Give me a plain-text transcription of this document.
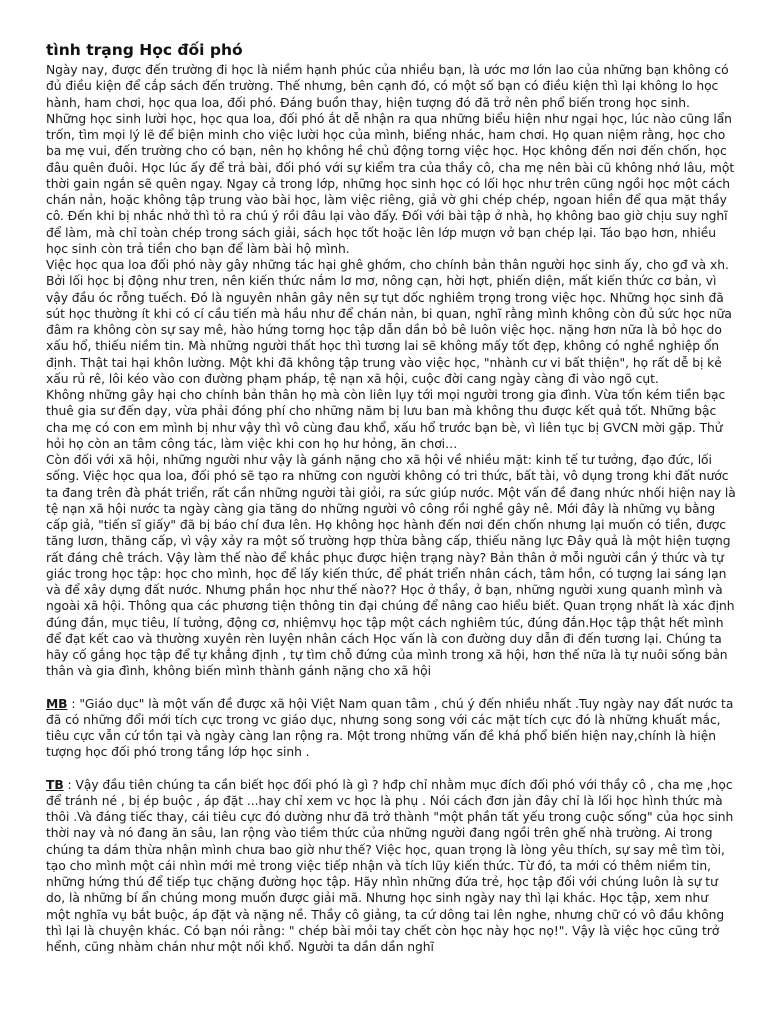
tình trạng Học đối phó

Ngày nay, được đến trường đi học là niềm hạnh phúc của nhiều bạn, là ước mơ lớn lao của những bạn không có đủ điều kiện để cắp sách đến trường. Thế nhưng, bên cạnh đó, có một số bạn có điều kiện thì lại không lo học hành, ham chơi, học qua loa, đối phó. Đáng buồn thay, hiện tượng đó đã trở nên phổ biến trong học sinh.

Những học sinh lười học, học qua loa, đối phó ắt dễ nhận ra qua những biểu hiện như ngại học, lúc nào cũng lẩn trốn, tìm mọi lý lẽ để biện minh cho việc lười học của mình, biếng nhác, ham chơi. Họ quan niệm rằng, học cho ba mẹ vui, đến trường cho có bạn, nên họ không hề chủ động torng việc học. Học không đến nơi đến chốn, học đâu quên đuôi. Học lúc ấy để trả bài, đối phó với sự kiểm tra của thầy cô, cha mẹ nên bài cũ không nhớ lâu, một thời gain ngắn sẽ quên ngay. Ngay cả trong lớp, những học sinh học có lối học như trên cũng ngồi học một cách chán nản, hoặc không tập trung vào bài học, làm việc riêng, giả vờ ghi chép chép, ngoan hiền để qua mặt thầy cô. Đến khi bị nhắc nhở thì tỏ ra chú ý rồi đâu lại vào đấy. Đối với bài tập ở nhà, họ không bao giờ chịu suy nghĩ để làm, mà chỉ toàn chép trong sách giải, sách học tốt hoặc lên lớp mượn vở bạn chép lại. Táo bạo hơn, nhiều học sinh còn trả tiền cho bạn để làm bài hộ mình.

Việc học qua loa đối phó này gây những tác hại ghê ghớm, cho chính bản thân người học sinh ấy, cho gđ và xh. Bởi lối học bị động như tren, nên kiến thức nắm lơ mơ, nông cạn, hời hợt, phiến diện, mất kiến thức cơ bản, vì vậy đầu óc rỗng tuếch. Đó là nguyên nhân gây nên sự tụt dốc nghiêm trọng trong việc học. Những học sinh đã sút học thường ít khi có cí cầu tiến mà hầu như để chán nản, bi quan, nghĩ rằng mình không còn đủ sức học nữa đâm ra không còn sự say mê, hào hứng torng học tập dẫn dần bỏ bê luôn việc học. nặng hơn nữa là bỏ học do xấu hổ, thiếu niềm tin. Mà những người thất học thì tương lai sẽ không mấy tốt đẹp, không có nghề nghiệp ổn định. Thật tai hại khôn lường. Một khi đã không tập trung vào việc học, "nhành cư vi bất thiện", họ rất dễ bị kẻ xấu rủ rê, lôi kéo vào con đường phạm pháp, tệ nạn xã hội, cuộc đời cang ngày càng đi vào ngõ cụt.

Không những gây hại cho chính bản thân họ mà còn liên lụy tới mọi người trong gia đình. Vừa tốn kém tiền bạc thuê gia sư đến dạy, vừa phải đóng phí cho những năm bị lưu ban mà không thu được kết quả tốt. Những bậc cha mẹ có con em mình bị như vậy thì vô cùng đau khổ, xấu hổ trước bạn bè, vì liên tục bị GVCN mời gặp. Thử hỏi họ còn an tâm công tác, làm việc khi con họ hư hỏng, ăn chơi…

Còn đối với xã hội, những người như vậy là gánh nặng cho xã hội về nhiều mặt: kinh tế tư tưởng, đạo đức, lối sống. Việc học qua loa, đối phó sẽ tạo ra những con người không có tri thức, bất tài, vô dụng trong khi đất nước ta đang trên đà phát triển, rất cần những người tài giỏi, ra sức giúp nước. Một vấn đề đang nhức nhối hiện nay là tệ nạn xã hội nước ta ngày càng gia tăng do những người vô công rồi nghề gây nê. Mới đây là những vụ bằng cấp giả, "tiến sĩ giấy" đã bị báo chí đưa lên. Họ không học hành đến nơi đến chốn nhưng lại muốn có tiền, được tăng lươn, thăng cấp, vì vậy xảy ra một số trường hợp thừa bằng cấp, thiếu năng lực Đây quả là một hiện tượng rất đáng chê trách. Vậy làm thế nào để khắc phục được hiện trạng này? Bản thân ở mỗi người cần ý thức và tự giác trong học tập: học cho mình, học để lấy kiến thức, để phát triển nhân cách, tâm hồn, có tượng lai sáng lạn và để xây dựng đất nước. Nhưng phần học như thế nào?? Học ở thầy, ở bạn, những người xung quanh mình và ngoài xã hội. Thông qua các phương tiện thông tin đại chúng để nâng cao hiểu biết. Quan trọng nhất là xác định đúng đắn, mục tiêu, lí tưởng, động cơ, nhiệmvụ học tập một cách nghiêm túc, đúng đắn.Học tập thật hết mình để đạt kết cao và thường xuyên rèn luyện nhân cách Học vấn là con đường duy dẫn đi đến tương lại. Chúng ta hãy cố gắng học tập để tự khẳng định , tự tìm chỗ đứng của mình trong xã hội, hơn thế nữa là tự nuôi sống bản thân và gia đình, không biến mình thành gánh nặng cho xã hội

MB : "Giáo dục" là một vấn đề được xã hội Việt Nam quan tâm , chú ý đến nhiều nhất .Tuy ngày nay đất nước ta đã có những đổi mới tích cực trong vc giáo dục, nhưng song song với các mặt tích cực đó là những khuất mắc, tiêu cực vẫn cứ tồn tại và ngày càng lan rộng ra. Một trong những vấn đề khá phổ biến hiện nay,chính là hiện tượng học đối phó trong tầng lớp học sinh .

TB : Vậy đầu tiên chúng ta cần biết học đối phó là gì ? hđp chỉ nhằm mục đích đối phó với thầy cô , cha mẹ ,học để tránh né , bị ép buộc , áp đặt ...hay chỉ xem vc học là phụ . Nói cách đơn jản đây chỉ là lối học hình thức mà thôi .Và đáng tiếc thay, cái tiêu cực đó dường như đã trở thành "một phần tất yếu trong cuộc sống" của học sinh thời nay và nó đang ăn sâu, lan rộng vào tiềm thức của những người đang ngồi trên ghế nhà trường. Ai trong chúng ta dám thừa nhận mình chưa bao giờ như thế? Việc học, quan trọng là lòng yêu thích, sự say mê tìm tòi, tạo cho mình một cái nhìn mới mẻ trong việc tiếp nhận và tích lũy kiến thức. Từ đó, ta mới có thêm niềm tin, những hứng thú để tiếp tục chặng đường học tập. Hãy nhìn những đứa trẻ, học tập đối với chúng luôn là sự tư do, là những bí ẩn chúng mong muốn được giải mã. Nhưng học sinh ngày nay thì lại khác. Học tập, xem như một nghĩa vụ bắt buộc, áp đặt và nặng nề. Thầy cô giảng, ta cứ dông tai lên nghe, nhưng chữ có vô đầu không thì lại là chuyện khác. Có bạn nói rằng: " chép bài mỏi tay chết còn học này học nọ!". Vậy là việc học cũng trở hểnh, cũng nhàm chán như một nối khổ. Người ta dần dần nghĩ
